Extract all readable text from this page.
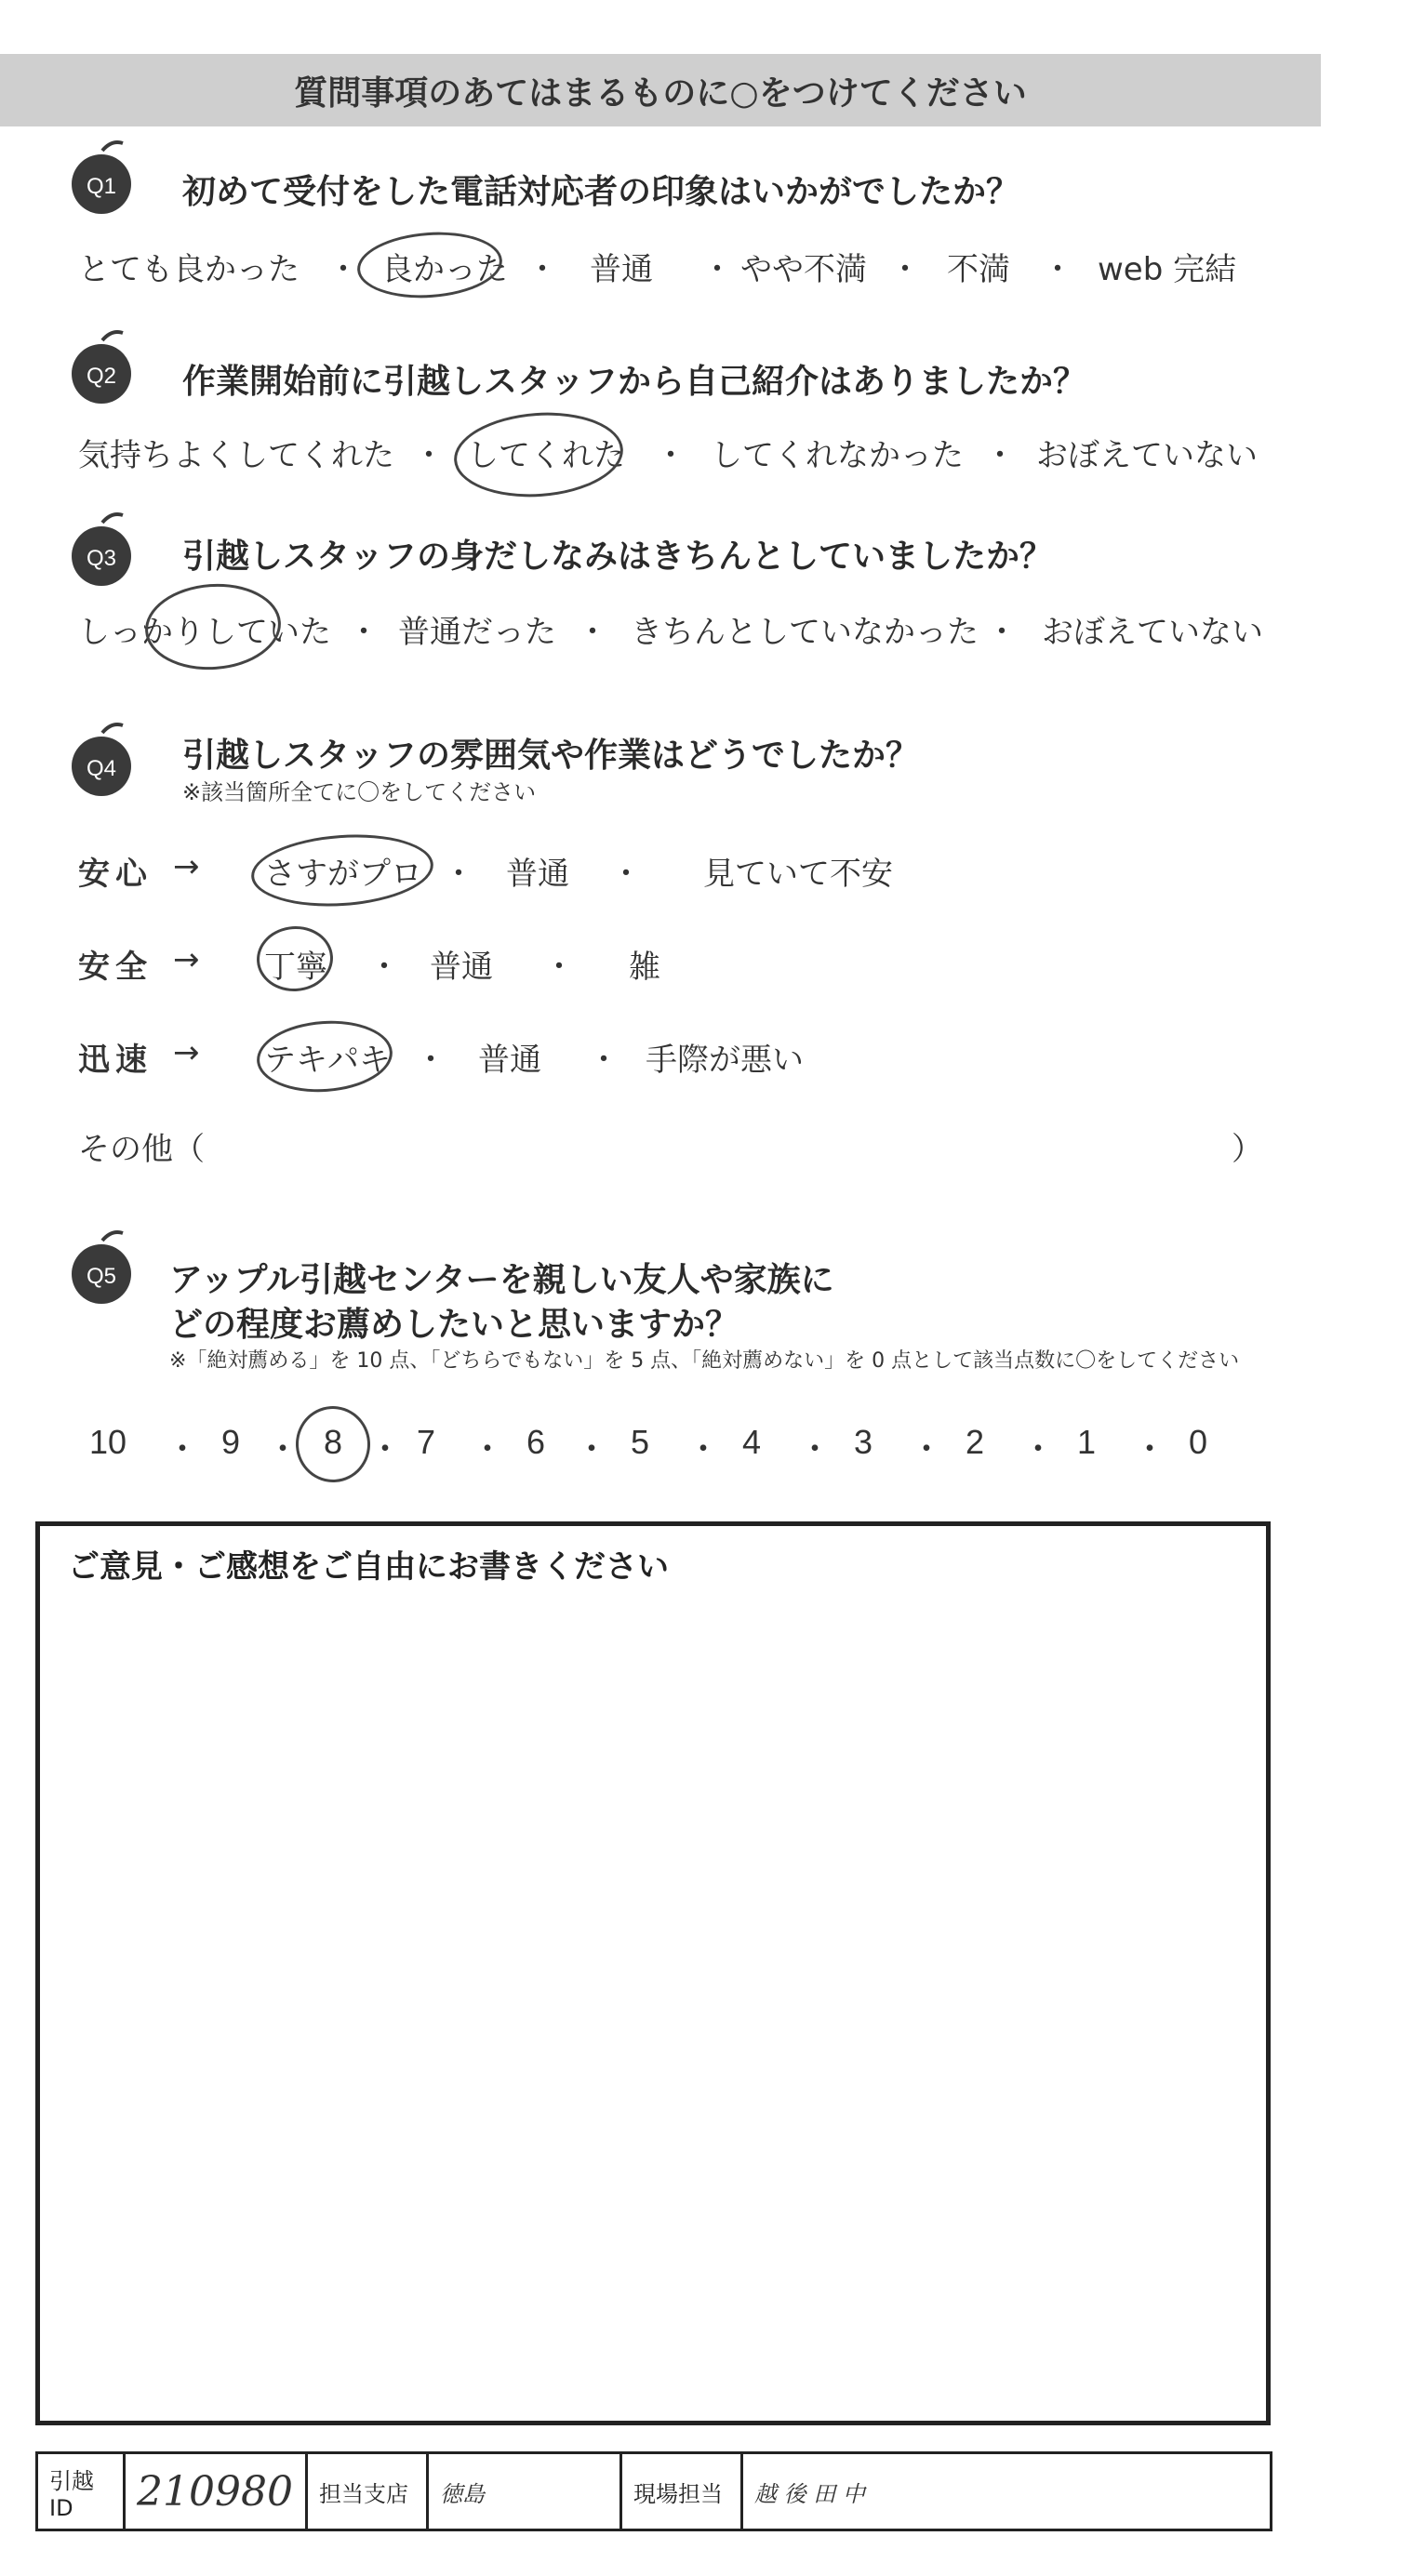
質問事項のあてはまるものに○をつけてください
Q1 初めて受付をした電話対応者の印象はいかがでしたか？
とても良かった ・ 良かった ・ 普通 ・ やや不満 ・ 不満 ・ web 完結
Q2 作業開始前に引越しスタッフから自己紹介はありましたか？
気持ちよくしてくれた ・ してくれた ・ してくれなかった ・ おぼえていない
Q3 引越しスタッフの身だしなみはきちんとしていましたか？
しっかりしていた ・ 普通だった ・ きちんとしていなかった ・ おぼえていない
Q4 引越しスタッフの雰囲気や作業はどうでしたか？
※該当箇所全てに〇をしてください
安心 → さすがプロ ・ 普通 ・ 見ていて不安
安全 → 丁寧 ・ 普通 ・ 雑
迅速 → テキパキ ・ 普通 ・ 手際が悪い
その他（	）
Q5 アップル引越センターを親しい友人や家族に
どの程度お薦めしたいと思いますか？
※「絶対薦める」を 10 点、「どちらでもない」を 5 点、「絶対薦めない」を 0 点として該当点数に〇をしてください
10 ・ 9 ・ 8 ・ 7 ・ 6 ・ 5 ・ 4 ・ 3 ・ 2 ・ 1 ・ 0
ご意見・ご感想をご自由にお書きください
引越 ID	210980	担当支店	徳島	現場担当	越 後 田 中
